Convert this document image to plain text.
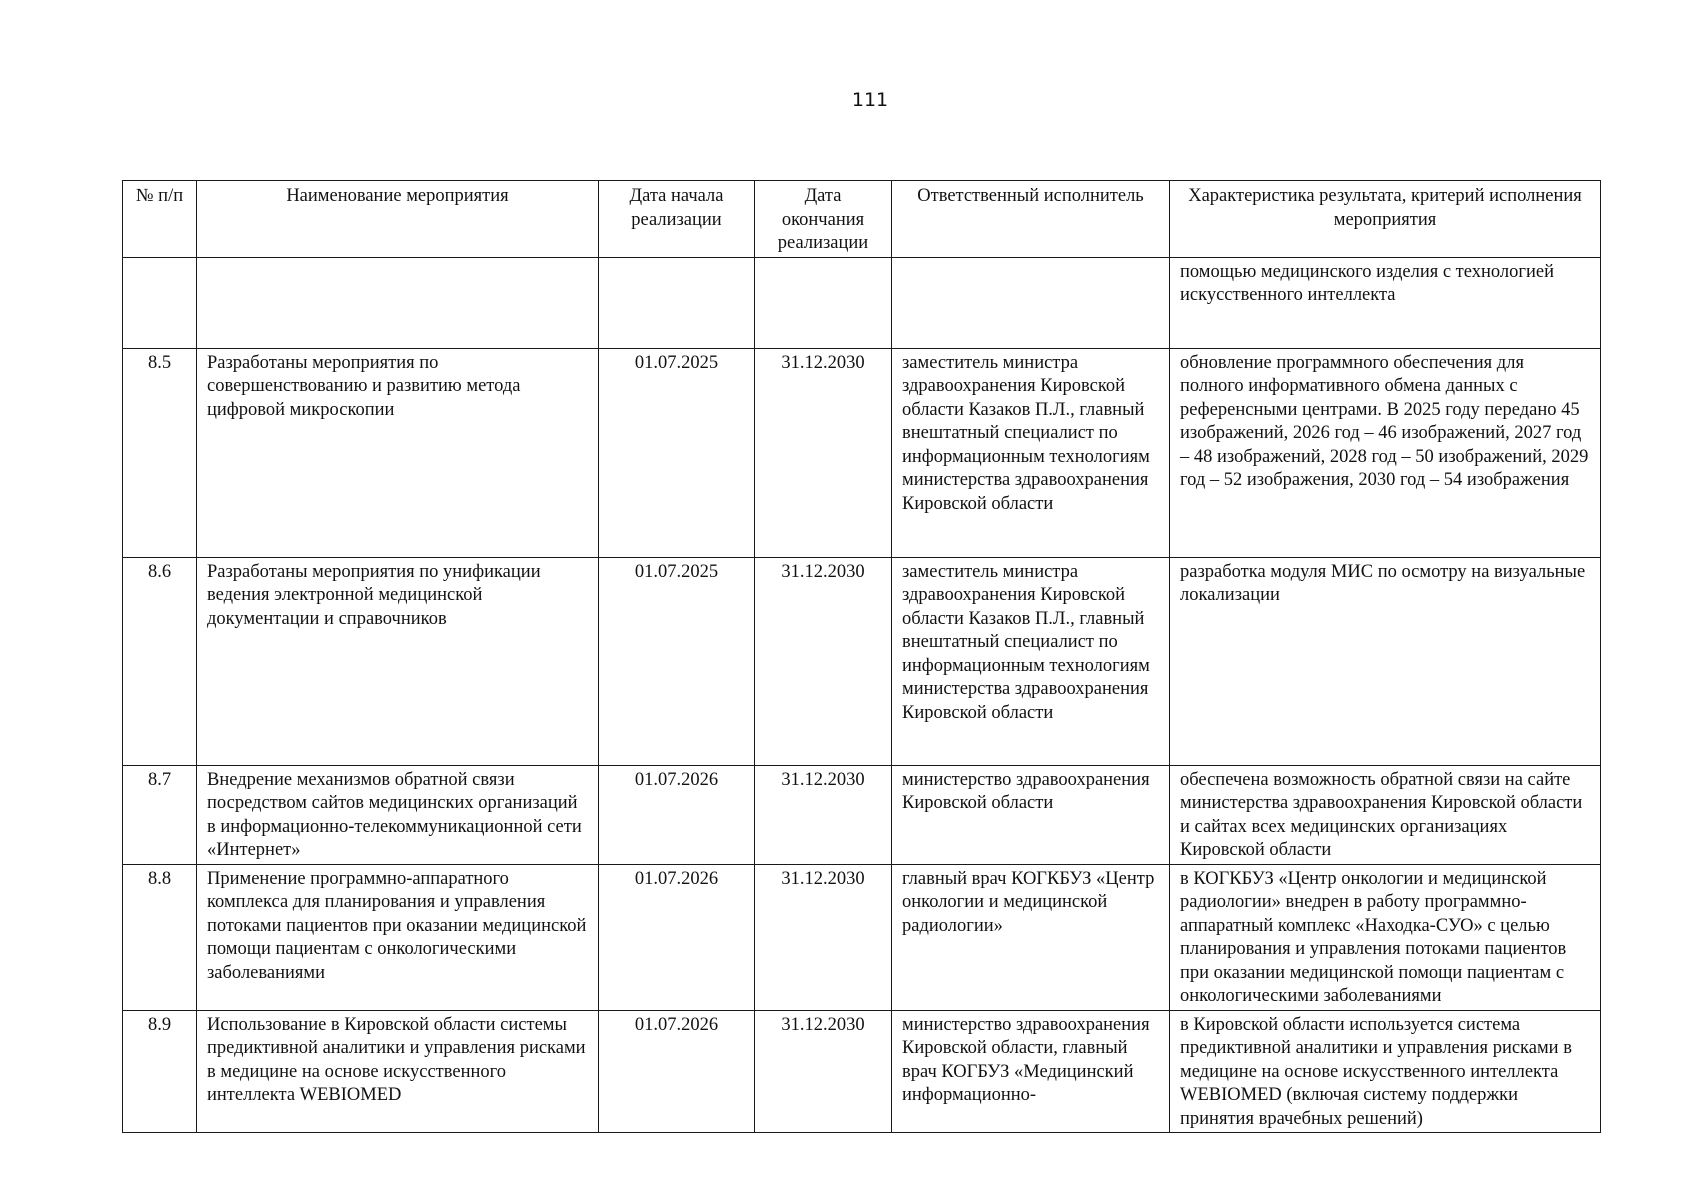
111
№ п/п	Наименование мероприятия	Дата начала реализации	Дата окончания реализации	Ответственный исполнитель	Характеристика результата, критерий исполнения мероприятия
					помощью медицинского изделия с технологией искусственного интеллекта
8.5	Разработаны мероприятия по совершенствованию и развитию метода цифровой микроскопии	01.07.2025	31.12.2030	заместитель министра здравоохранения Кировской области Казаков П.Л., главный внештатный специалист по информационным технологиям министерства здравоохранения Кировской области	обновление программного обеспечения для полного информативного обмена данных с референсными центрами. В 2025 году передано 45 изображений, 2026 год – 46 изображений, 2027 год – 48 изображений, 2028 год – 50 изображений, 2029 год – 52 изображения, 2030 год – 54 изображения
8.6	Разработаны мероприятия по унификации ведения электронной медицинской документации и справочников	01.07.2025	31.12.2030	заместитель министра здравоохранения Кировской области Казаков П.Л., главный внештатный специалист по информационным технологиям министерства здравоохранения Кировской области	разработка модуля МИС по осмотру на визуальные локализации
8.7	Внедрение механизмов обратной связи посредством сайтов медицинских организаций в информационно-телекоммуникационной сети «Интернет»	01.07.2026	31.12.2030	министерство здравоохранения Кировской области	обеспечена возможность обратной связи на сайте министерства здравоохранения Кировской области и сайтах всех медицинских организациях Кировской области
8.8	Применение программно-аппаратного комплекса для планирования и управления потоками пациентов при оказании медицинской помощи пациентам с онкологическими заболеваниями	01.07.2026	31.12.2030	главный врач КОГКБУЗ «Центр онкологии и медицинской радиологии»	в КОГКБУЗ «Центр онкологии и медицинской радиологии» внедрен в работу программно-аппаратный комплекс «Находка-СУО» с целью планирования и управления потоками пациентов при оказании медицинской помощи пациентам с онкологическими заболеваниями
8.9	Использование в Кировской области системы предиктивной аналитики и управления рисками в медицине на основе искусственного интеллекта WEBIOMED	01.07.2026	31.12.2030	министерство здравоохранения Кировской области, главный врач КОГБУЗ «Медицинский информационно-	в Кировской области используется система предиктивной аналитики и управления рисками в медицине на основе искусственного интеллекта WEBIOMED (включая систему поддержки принятия врачебных решений)
